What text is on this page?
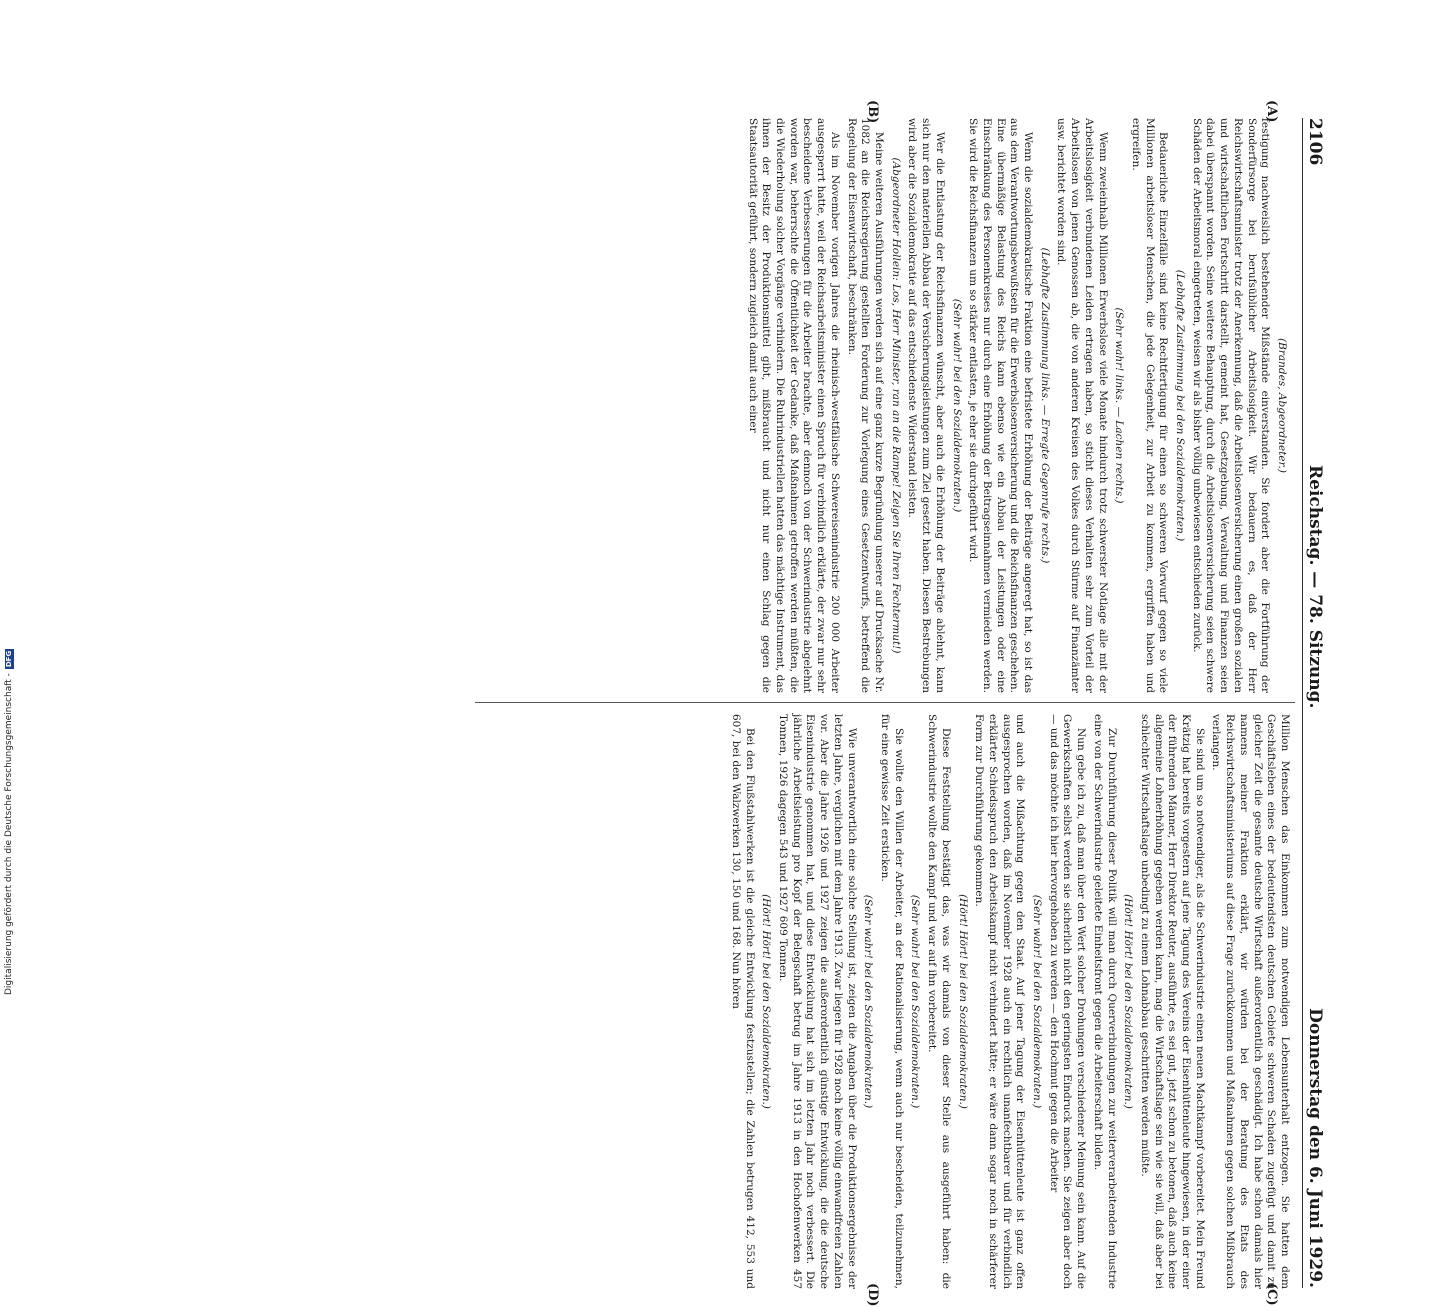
2106
Reichstag. — 78. Sitzung.
Donnerstag den 6. Juni 1929.

(Brandes, Abgeordneter.)

festigung nachweislich bestehender Mißstände einverstanden. Sie fordert aber die Fortführung der Sonderfürsorge bei berufsüblicher Arbeitslosigkeit. Wir bedauern es, daß der Herr Reichswirtschaftsminister trotz der Anerkennung, daß die Arbeitslosenversicherung einen großen sozialen und wirtschaftlichen Fortschritt darstellt, gemeint hat, Gesetzgebung, Verwaltung und Finanzen seien dabei überspannt worden. Seine weitere Behauptung, durch die Arbeitslosenversicherung seien schwere Schäden der Arbeitsmoral eingetreten, weisen wir als bisher völlig unbewiesen entschieden zurück.

(Lebhafte Zustimmung bei den Sozialdemokraten.)

Bedauerliche Einzelfälle sind keine Rechtfertigung für einen so schweren Vorwurf gegen so viele Millionen arbeitsloser Menschen, die jede Gelegenheit, zur Arbeit zu kommen, ergriffen haben und ergreifen.

(Sehr wahr! links. — Lachen rechts.)

Wenn zweieinhalb Millionen Erwerbslose viele Monate hindurch trotz schwerster Notlage alle mit der Arbeitslosigkeit verbundenen Leiden ertragen haben, so sticht dieses Verhalten sehr zum Vorteil der Arbeitslosen von jenen Genossen ab, die von anderen Kreisen des Volkes durch Stürme auf Finanzämter usw. berichtet worden sind.

(Lebhafte Zustimmung links. — Erregte Gegenrufe rechts.)

Wenn die sozialdemokratische Fraktion eine befristete Erhöhung der Beiträge angeregt hat, so ist das aus dem Verantwortungsbewußtsein für die Erwerbslosenversicherung und die Reichsfinanzen geschehen. Eine übermäßige Belastung des Reichs kann ebenso wie ein Abbau der Leistungen oder eine Einschränkung des Personenkreises nur durch eine Erhöhung der Beitragseinnahmen vermieden werden. Sie wird die Reichsfinanzen um so stärker entlasten, je eher sie durchgeführt wird.

(Sehr wahr! bei den Sozialdemokraten.)

Wer die Entlastung der Reichsfinanzen wünscht, aber auch die Erhöhung der Beiträge ablehnt, kann sich nur den materiellen Abbau der Versicherungsleistungen zum Ziel gesetzt haben. Diesen Bestrebungen wird aber die Sozialdemokratie auf das entschiedenste Widerstand leisten.

(Abgeordneter Hollein: Los, Herr Minister, ran an die Rampe! Zeigen Sie Ihren Fechtermut!)

Meine weiteren Ausführungen werden sich auf eine ganz kurze Begründung unserer auf Drucksache Nr. 1082 an die Reichsregierung gestellten Forderung zur Vorlegung eines Gesetzentwurfs, betreffend die Regelung der Eisenwirtschaft, beschränken.

Als im November vorigen Jahres die rheinisch-westfälische Schwereisenindustrie 200 000 Arbeiter ausgesperrt hatte, weil der Reichsarbeitsminister einen Spruch für verbindlich erklärte, der zwar nur sehr bescheidene Verbesserungen für die Arbeiter brachte, aber dennoch von der Schwerindustrie abgelehnt worden war, beherrschte die Öffentlichkeit der Gedanke, daß Maßnahmen getroffen werden müßten, die die Wiederholung solcher Vorgänge verhindern. Die Ruhrindustriellen hatten das mächtige Instrument, das ihnen der Besitz der Produktionsmittel gibt, mißbraucht und nicht nur einen Schlag gegen die Staatsautorität geführt, sondern zugleich damit auch einer

Million Menschen das Einkommen zum notwendigen Lebensunterhalt entzogen. Sie hatten dem Geschäftsleben eines der bedeutendsten deutschen Gebiete schweren Schaden zugefügt und damit zu gleicher Zeit die gesamte deutsche Wirtschaft außerordentlich geschädigt. Ich habe schon damals hier namens meiner Fraktion erklärt, wir würden bei der Beratung des Etats des Reichswirtschaftsministeriums auf diese Frage zurückkommen und Maßnahmen gegen solchen Mißbrauch verlangen.

Sie sind um so notwendiger, als die Schwerindustrie einen neuen Machtkampf vorbereitet. Mein Freund Krätzig hat bereits vorgestern auf jene Tagung des Vereins der Eisenhüttenleute hingewiesen, in der einer der führenden Männer, Herr Direktor Reuter, ausführte, es sei gut, jetzt schon zu betonen, daß auch keine allgemeine Lohnerhöhung gegeben werden kann, mag die Wirtschaftslage sein wie sie will, daß aber bei schlechter Wirtschaftslage unbedingt zu einem Lohnabbau geschritten werden müßte.

(Hört! Hört! bei den Sozialdemokraten.)

Zur Durchführung dieser Politik will man durch Querverbindungen zur weiterverarbeitenden Industrie eine von der Schwerindustrie geleitete Einheitsfront gegen die Arbeiterschaft bilden.

Nun gebe ich zu, daß man über den Wert solcher Drohungen verschiedener Meinung sein kann. Auf die Gewerkschaften selbst werden sie sicherlich nicht den geringsten Eindruck machen. Sie zeigen aber doch — und das möchte ich hier hervorgehoben zu werden — den Hochmut gegen die Arbeiter

(Sehr wahr! bei den Sozialdemokraten.)

und auch die Mißachtung gegen den Staat. Auf jener Tagung der Eisenhüttenleute ist ganz offen ausgesprochen worden, daß im November 1928 auch ein rechtlich unanfechtbarer und für verbindlich erklärter Schiedsspruch den Arbeitskampf nicht verhindert hätte; er wäre dann sogar noch in schärferer Form zur Durchführung gekommen.

(Hört! Hört! bei den Sozialdemokraten.)

Diese Feststellung bestätigt das, was wir damals von dieser Stelle aus ausgeführt haben: die Schwerindustrie wollte den Kampf und war auf ihn vorbereitet.

(Sehr wahr! bei den Sozialdemokraten.)

Sie wollte den Willen der Arbeiter, an der Rationalisierung, wenn auch nur bescheiden, teilzunehmen, für eine gewisse Zeit ersticken.

(Sehr wahr! bei den Sozialdemokraten.)

Wie unverantwortlich eine solche Stellung ist, zeigen die Angaben über die Produktionsergebnisse der letzten Jahre, verglichen mit dem Jahre 1913. Zwar liegen für 1928 noch keine völlig einwandfreien Zahlen vor. Aber die Jahre 1926 und 1927 zeigen die außerordentlich günstige Entwicklung, die die deutsche Eisenindustrie genommen hat, und diese Entwicklung hat sich im letzten Jahr noch verbessert. Die jährliche Arbeitsleistung pro Kopf der Belegschaft betrug im Jahre 1913 in den Hochofenwerken 457 Tonnen, 1926 dagegen 543 und 1927 609 Tonnen.

(Hört! Hört! bei den Sozialdemokraten.)

Bei den Flußstahlwerken ist die gleiche Entwicklung festzustellen; die Zahlen betrugen 412, 553 und 607, bei den Walzwerken 130, 150 und 168. Nun hören

(A)
(B)
(C)
(D)
Digitalisierung gefördert durch die Deutsche Forschungsgemeinschaft -
DFG
